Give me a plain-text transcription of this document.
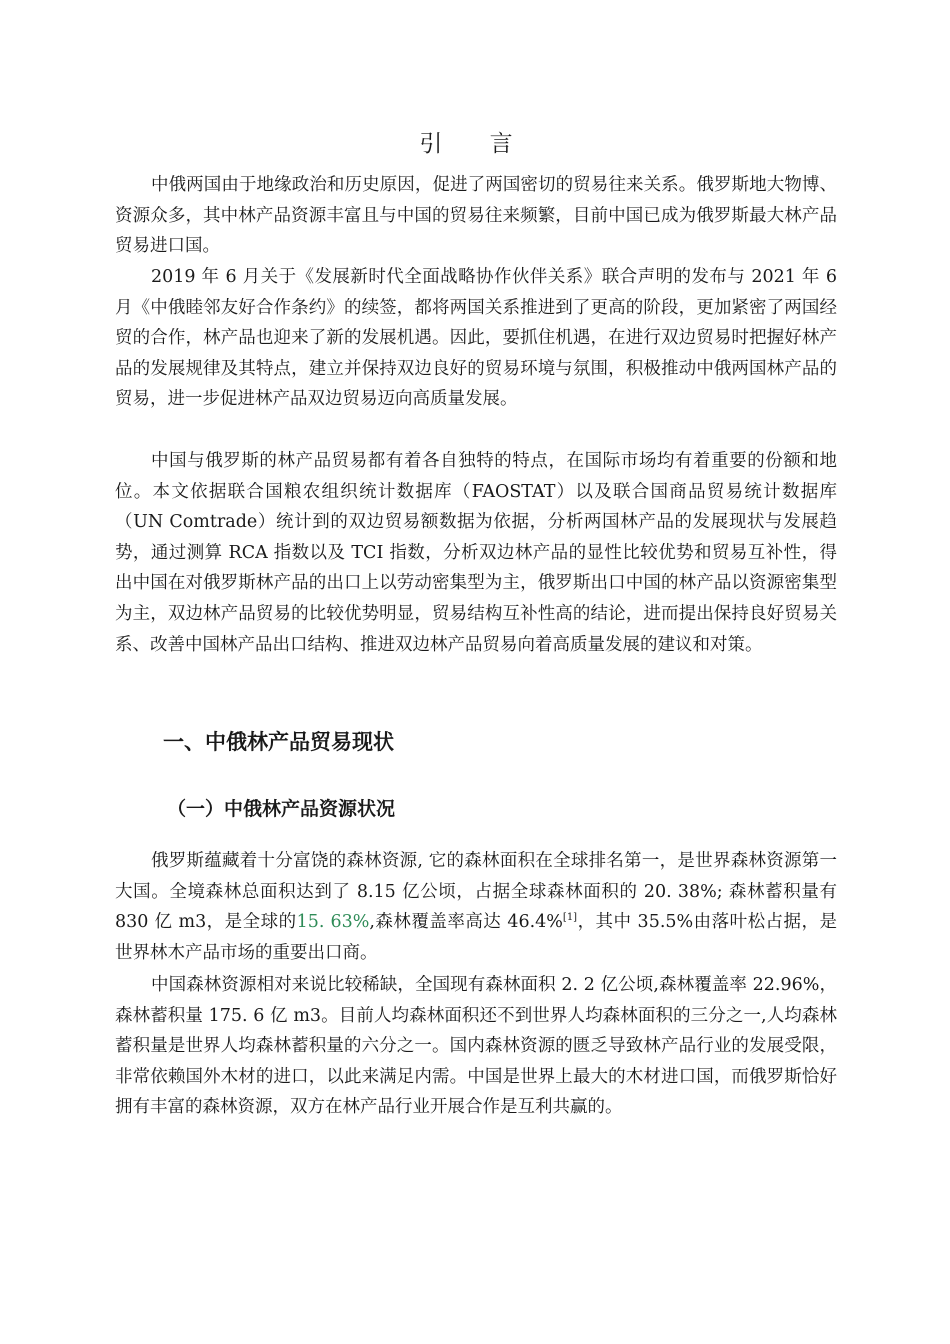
引 言

中俄两国由于地缘政治和历史原因，促进了两国密切的贸易往来关系。俄罗斯地大物博、资源众多，其中林产品资源丰富且与中国的贸易往来频繁，目前中国已成为俄罗斯最大林产品贸易进口国。

2019 年 6 月关于《发展新时代全面战略协作伙伴关系》联合声明的发布与 2021 年 6 月《中俄睦邻友好合作条约》的续签，都将两国关系推进到了更高的阶段，更加紧密了两国经贸的合作，林产品也迎来了新的发展机遇。因此，要抓住机遇，在进行双边贸易时把握好林产品的发展规律及其特点，建立并保持双边良好的贸易环境与氛围，积极推动中俄两国林产品的贸易，进一步促进林产品双边贸易迈向高质量发展。

中国与俄罗斯的林产品贸易都有着各自独特的特点，在国际市场均有着重要的份额和地位。本文依据联合国粮农组织统计数据库（FAOSTAT）以及联合国商品贸易统计数据库（UN Comtrade）统计到的双边贸易额数据为依据，分析两国林产品的发展现状与发展趋势，通过测算 RCA 指数以及 TCI 指数，分析双边林产品的显性比较优势和贸易互补性，得出中国在对俄罗斯林产品的出口上以劳动密集型为主，俄罗斯出口中国的林产品以资源密集型为主，双边林产品贸易的比较优势明显，贸易结构互补性高的结论，进而提出保持良好贸易关系、改善中国林产品出口结构、推进双边林产品贸易向着高质量发展的建议和对策。

一、中俄林产品贸易现状
（一）中俄林产品资源状况

俄罗斯蕴藏着十分富饶的森林资源, 它的森林面积在全球排名第一，是世界森林资源第一大国。全境森林总面积达到了 8.15 亿公顷，占据全球森林面积的 20. 38%; 森林蓄积量有 830 亿 m3，是全球的15. 63%,森林覆盖率高达 46.4%[1]，其中 35.5%由落叶松占据，是世界林木产品市场的重要出口商。

中国森林资源相对来说比较稀缺，全国现有森林面积 2. 2 亿公顷,森林覆盖率 22.96%，森林蓄积量 175. 6 亿 m3。目前人均森林面积还不到世界人均森林面积的三分之一,人均森林蓄积量是世界人均森林蓄积量的六分之一。国内森林资源的匮乏导致林产品行业的发展受限，非常依赖国外木材的进口，以此来满足内需。中国是世界上最大的木材进口国，而俄罗斯恰好拥有丰富的森林资源，双方在林产品行业开展合作是互利共赢的。
